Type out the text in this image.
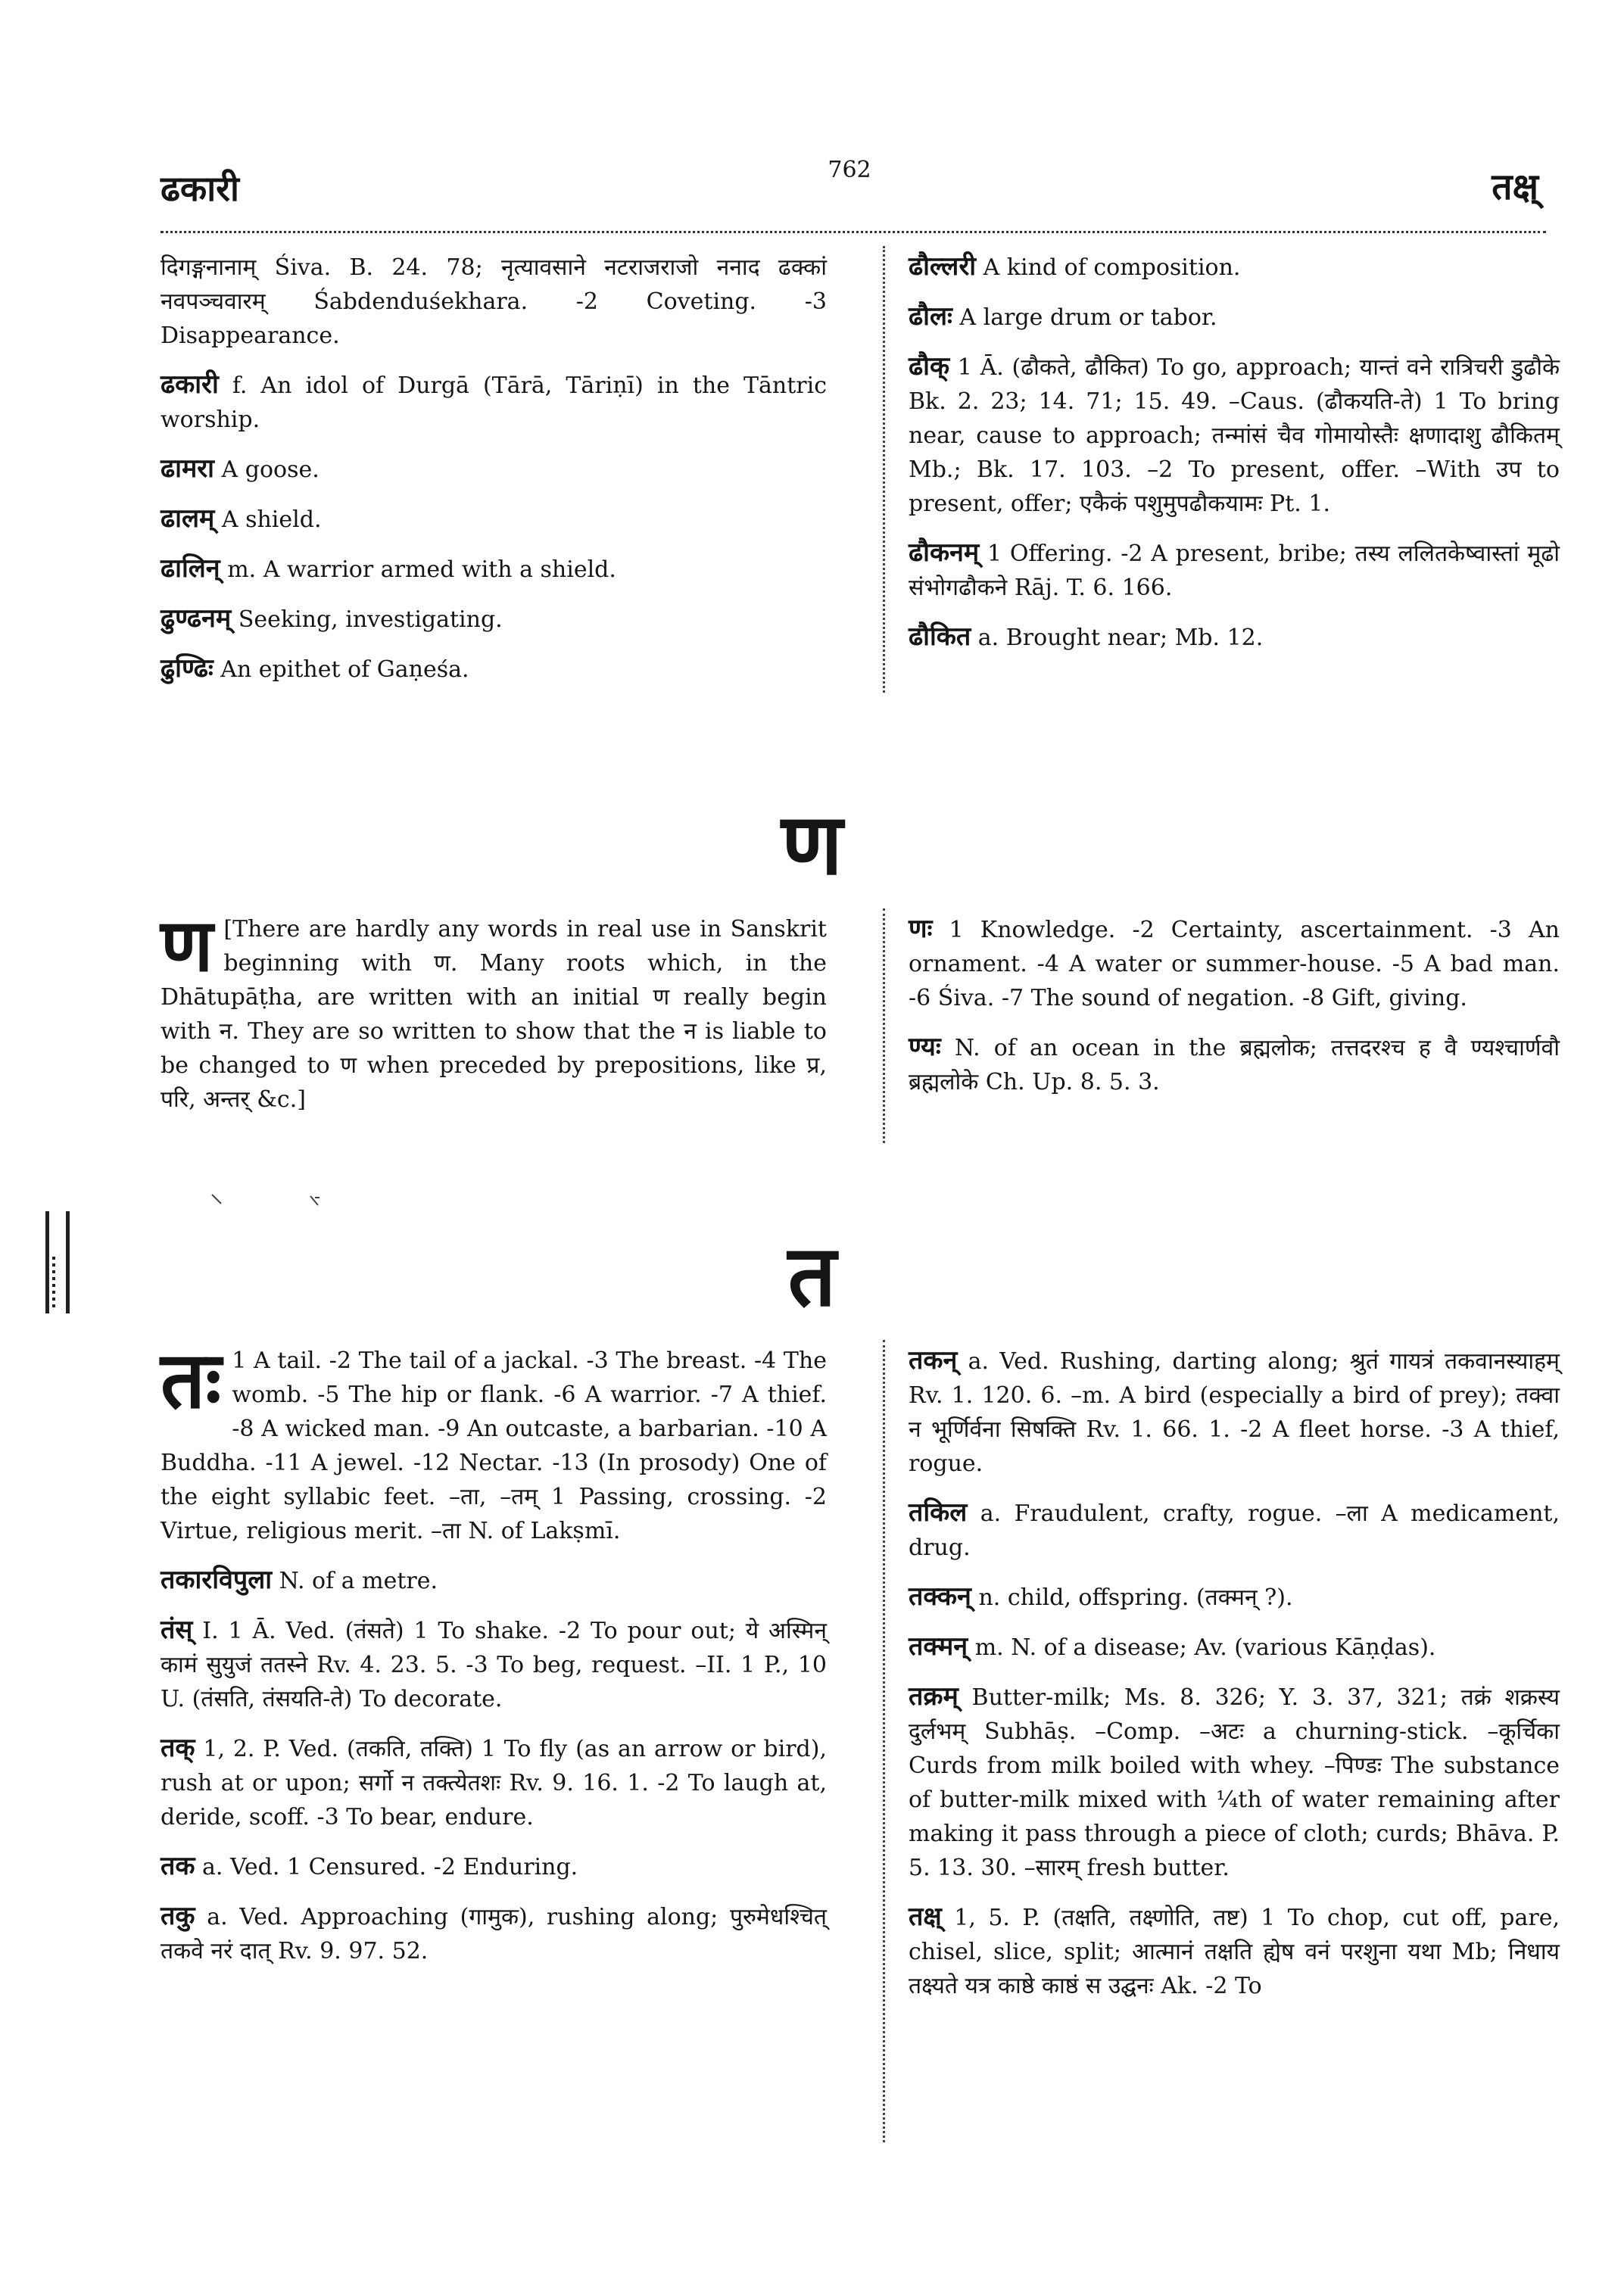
ढकारी	762	तक्ष्

दिगङ्गनानाम् Śiva. B. 24. 78; नृत्यावसाने नटराजराजो ननाद ढक्कां नवपञ्चवारम् Śabdenduśekhara. -2 Coveting. -3 Disappearance.

ढकारी f. An idol of Durgā (Tārā, Tāriṇī) in the Tāntric worship.

ढामरा A goose.

ढालम् A shield.

ढालिन् m. A warrior armed with a shield.

ढुण्ढनम् Seeking, investigating.

ढुण्ढिः An epithet of Gaṇeśa.

ढौल्लरी A kind of composition.

ढौलः A large drum or tabor.

ढौक् 1 Ā. (ढौकते, ढौकित) To go, approach; यान्तं वने रात्रिचरी डुढौके Bk. 2. 23; 14. 71; 15. 49. –Caus. (ढौकयति-ते) 1 To bring near, cause to approach; तन्मांसं चैव गोमायोस्तैः क्षणादाशु ढौकितम् Mb.; Bk. 17. 103. –2 To present, offer. –With उप to present, offer; एकैकं पशुमुपढौकयामः Pt. 1.

ढौकनम् 1 Offering. -2 A present, bribe; तस्य ललितकेष्वास्तां मूढो संभोगढौकने Rāj. T. 6. 166.

ढौकित a. Brought near; Mb. 12.

ण

ण [There are hardly any words in real use in Sanskrit beginning with ण. Many roots which, in the Dhātupāṭha, are written with an initial ण really begin with न. They are so written to show that the न is liable to be changed to ण when preceded by prepositions, like प्र, परि, अन्तर् &c.]

णः 1 Knowledge. -2 Certainty, ascertainment. -3 An ornament. -4 A water or summer-house. -5 A bad man. -6 Śiva. -7 The sound of negation. -8 Gift, giving.

ण्यः N. of an ocean in the ब्रह्मलोक; तत्तदरश्च ह वै ण्यश्चार्णवौ ब्रह्मलोके Ch. Up. 8. 5. 3.

त

तः 1 A tail. -2 The tail of a jackal. -3 The breast. -4 The womb. -5 The hip or flank. -6 A warrior. -7 A thief. -8 A wicked man. -9 An outcaste, a barbarian. -10 A Buddha. -11 A jewel. -12 Nectar. -13 (In prosody) One of the eight syllabic feet. –ता, –तम् 1 Passing, crossing. -2 Virtue, religious merit. –ता N. of Lakṣmī.

तकारविपुला N. of a metre.

तंस् I. 1 Ā. Ved. (तंसते) 1 To shake. -2 To pour out; ये अस्मिन् कामं सुयुजं ततस्ने Rv. 4. 23. 5. -3 To beg, request. –II. 1 P., 10 U. (तंसति, तंसयति-ते) To decorate.

तक् 1, 2. P. Ved. (तकति, तक्ति) 1 To fly (as an arrow or bird), rush at or upon; सर्गो न तक्त्येतशः Rv. 9. 16. 1. -2 To laugh at, deride, scoff. -3 To bear, endure.

तक a. Ved. 1 Censured. -2 Enduring.

तकु a. Ved. Approaching (गामुक), rushing along; पुरुमेधश्चित् तकवे नरं दात् Rv. 9. 97. 52.

तकन् a. Ved. Rushing, darting along; श्रुतं गायत्रं तकवानस्याहम् Rv. 1. 120. 6. –m. A bird (especially a bird of prey); तक्वा न भूर्णिर्वना सिषक्ति Rv. 1. 66. 1. -2 A fleet horse. -3 A thief, rogue.

तकिल a. Fraudulent, crafty, rogue. –ला A medicament, drug.

तक्कन् n. child, offspring. (तक्मन् ?).

तक्मन् m. N. of a disease; Av. (various Kāṇḍas).

तक्रम् Butter-milk; Ms. 8. 326; Y. 3. 37, 321; तक्रं शक्रस्य दुर्लभम् Subhāṣ. –Comp. –अटः a churning-stick. –कूर्चिका Curds from milk boiled with whey. –पिण्डः The substance of butter-milk mixed with ¼th of water remaining after making it pass through a piece of cloth; curds; Bhāva. P. 5. 13. 30. –सारम् fresh butter.

तक्ष् 1, 5. P. (तक्षति, तक्ष्णोति, तष्ट) 1 To chop, cut off, pare, chisel, slice, split; आत्मानं तक्षति ह्येष वनं परशुना यथा Mb; निधाय तक्ष्यते यत्र काष्ठे काष्ठं स उद्घनः Ak. -2 To
